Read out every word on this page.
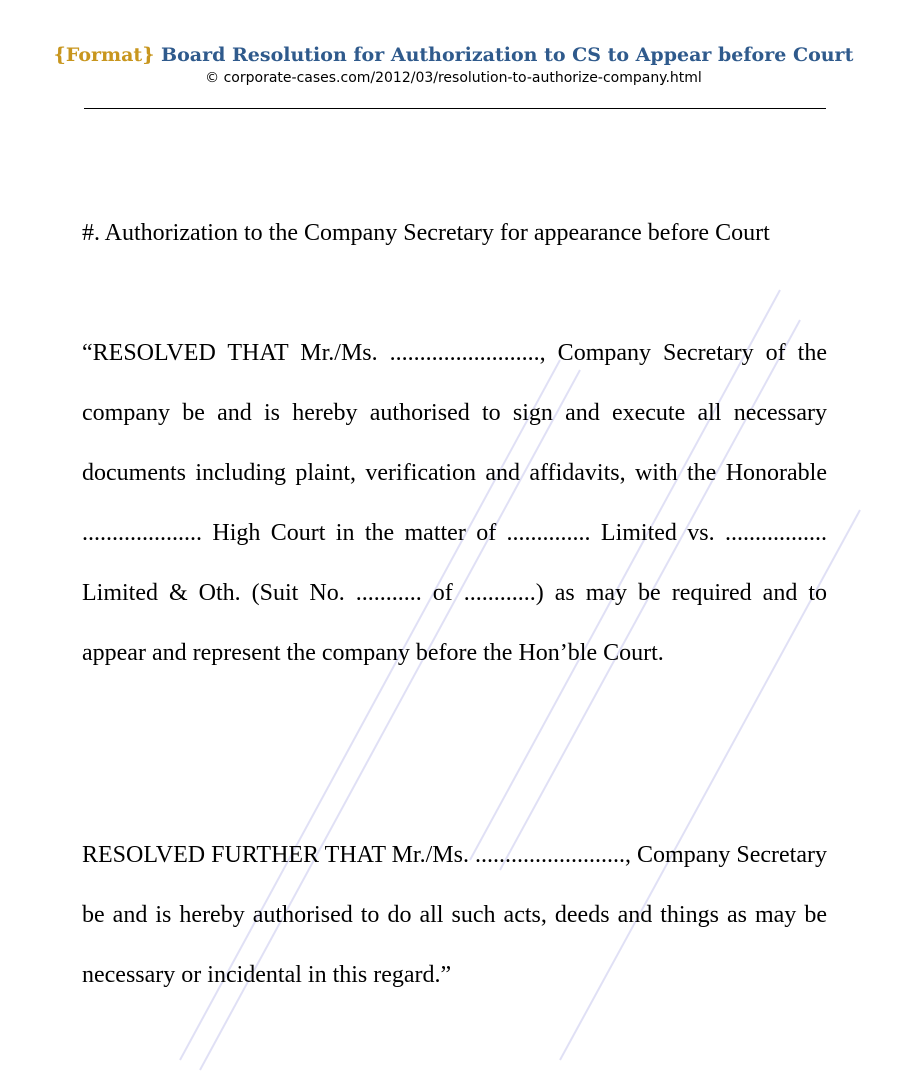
{Format} Board Resolution for Authorization to CS to Appear before Court
© corporate-cases.com/2012/03/resolution-to-authorize-company.html
#. Authorization to the Company Secretary for appearance before Court

“RESOLVED THAT Mr./Ms. ........................., Company Secretary of the company be and is hereby authorised to sign and execute all necessary documents including plaint, verification and affidavits, with the Honorable .................... High Court in the matter of .............. Limited vs. ................. Limited & Oth. (Suit No. ........... of ............) as may be required and to appear and represent the company before the Hon’ble Court.

RESOLVED FURTHER THAT Mr./Ms. ........................., Company Secretary be and is hereby authorised to do all such acts, deeds and things as may be necessary or incidental in this regard.”
